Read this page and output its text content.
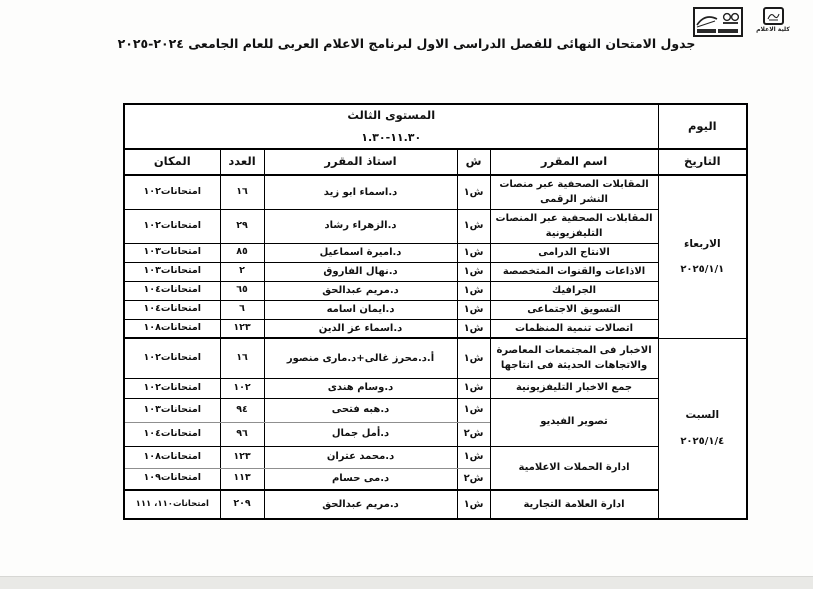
كلية الاعلام
جدول الامتحان النهائى للفصل الدراسى الاول لبرنامج الاعلام العربى للعام الجامعى ٢٠٢٤-٢٠٢٥
اليوم	المستوى الثالث
١١.٣٠-١.٣٠				

التاريخ	اسم المقرر	ش	استاذ المقرر	العدد	المكان

الاربعاء
٢٠٢٥/١/١	المقابلات الصحفية عبر منصات النشر الرقمى	ش١	د.اسماء ابو زيد	١٦	امتحانات١٠٢
	المقابلات الصحفية عبر المنصات التليفزيونية	ش١	د.الزهراء رشاد	٢٩	امتحانات١٠٢
	الانتاج الدرامى	ش١	د.اميرة اسماعيل	٨٥	امتحانات١٠٣
	الاذاعات والقنوات المتخصصة	ش١	د.نهال الفاروق	٢	امتحانات١٠٣
	الجرافيك	ش١	د.مريم عبدالحق	٦٥	امتحانات١٠٤
	التسويق الاجتماعى	ش١	د.ايمان اسامه	٦	امتحانات١٠٤
	اتصالات تنمية المنظمات	ش١	د.اسماء عز الدين	١٢٣	امتحانات١٠٨

السبت
٢٠٢٥/١/٤	الاخبار فى المجتمعات المعاصرة والاتجاهات الحديثة فى انتاجها	ش١	أ.د.محرز غالى+د.مارى منصور	١٦	امتحانات١٠٢
	جمع الاخبار التليفزيونية	ش١	د.وسام هندى	١٠٢	امتحانات١٠٢
	تصوير الفيديو	ش١	د.هبه فتحى	٩٤	امتحانات١٠٣
		ش٢	د.أمل جمال	٩٦	امتحانات١٠٤
	ادارة الحملات الاعلامية	ش١	د.محمد عتران	١٢٣	امتحانات١٠٨
		ش٢	د.مى حسام	١١٣	امتحانات١٠٩
	ادارة العلامة التجارية	ش١	د.مريم عبدالحق	٢٠٩	امتحانات١١٠، ١١١
